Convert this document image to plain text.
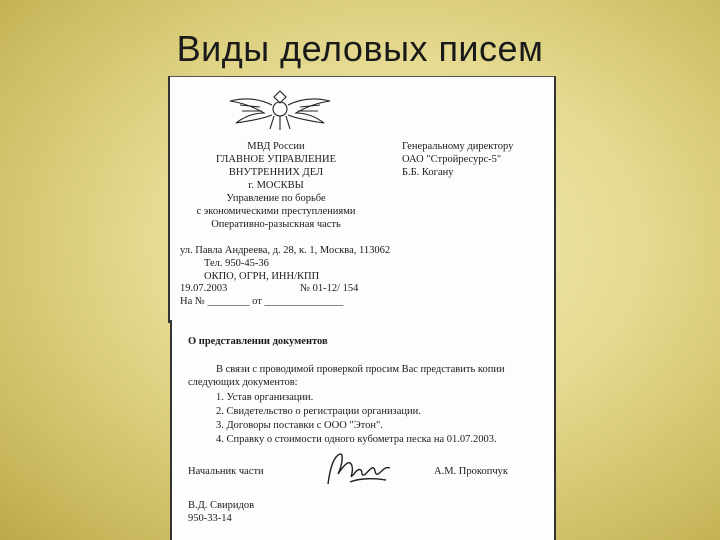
Виды деловых писем
МВД России
ГЛАВНОЕ УПРАВЛЕНИЕ
ВНУТРЕННИХ ДЕЛ
г. МОСКВЫ
Управление по борьбе
с экономическими преступлениями
Оперативно-разыскная часть
ул. Павла Андреева, д. 28, к. 1, Москва, 113062
Тел. 950-45-36
ОКПО, ОГРН, ИНН/КПП
19.07.2003	№ 01-12/ 154
На № ________ от _______________
Генеральному директору
ОАО "Стройресурс-5"
Б.Б. Когану
О представлении документов
В связи с проводимой проверкой просим Вас представить копии
следующих документов:
1. Устав организации.
2. Свидетельство о регистрации организации.
3. Договоры поставки с ООО "Этон".
4. Справку о стоимости одного кубометра песка на 01.07.2003.
Начальник части	А.М. Прокопчук
В.Д. Свиридов
950-33-14
